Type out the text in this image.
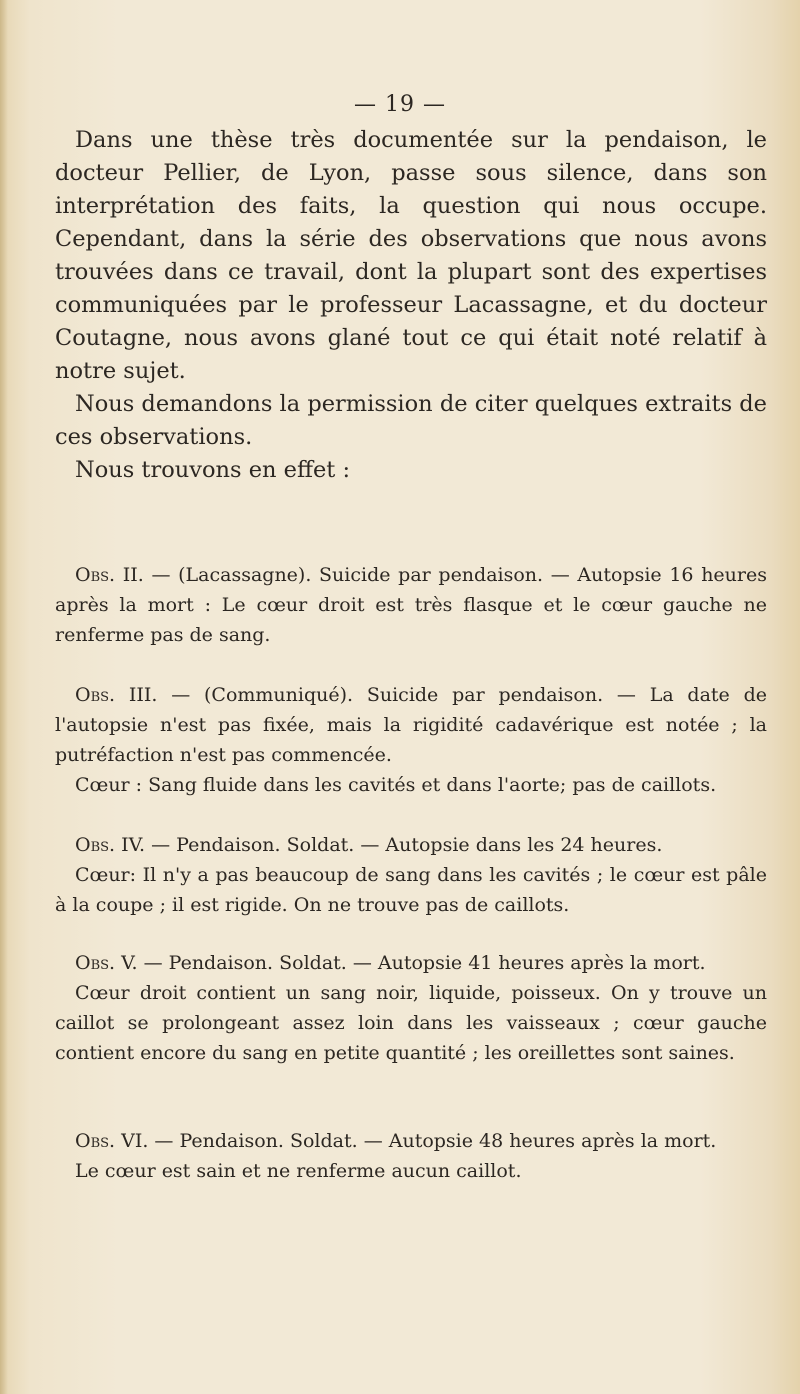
— 19 —

Dans une thèse très documentée sur la pendaison, le docteur Pellier, de Lyon, passe sous silence, dans son interprétation des faits, la question qui nous occupe. Cependant, dans la série des observations que nous avons trouvées dans ce travail, dont la plupart sont des expertises communiquées par le professeur Lacassagne, et du docteur Coutagne, nous avons glané tout ce qui était noté relatif à notre sujet.

Nous demandons la permission de citer quelques extraits de ces observations.

Nous trouvons en effet :

Obs. II. — (Lacassagne). Suicide par pendaison. — Autopsie 16 heures après la mort : Le cœur droit est très flasque et le cœur gauche ne renferme pas de sang.

Obs. III. — (Communiqué). Suicide par pendaison. — La date de l'autopsie n'est pas fixée, mais la rigidité cadavérique est notée ; la putréfaction n'est pas commencée.

Cœur : Sang fluide dans les cavités et dans l'aorte; pas de caillots.

Obs. IV. — Pendaison. Soldat. — Autopsie dans les 24 heures.

Cœur: Il n'y a pas beaucoup de sang dans les cavités ; le cœur est pâle à la coupe ; il est rigide. On ne trouve pas de caillots.

Obs. V. — Pendaison. Soldat. — Autopsie 41 heures après la mort.

Cœur droit contient un sang noir, liquide, poisseux. On y trouve un caillot se prolongeant assez loin dans les vaisseaux ; cœur gauche contient encore du sang en petite quantité ; les oreillettes sont saines.

Obs. VI. — Pendaison. Soldat. — Autopsie 48 heures après la mort.

Le cœur est sain et ne renferme aucun caillot.
